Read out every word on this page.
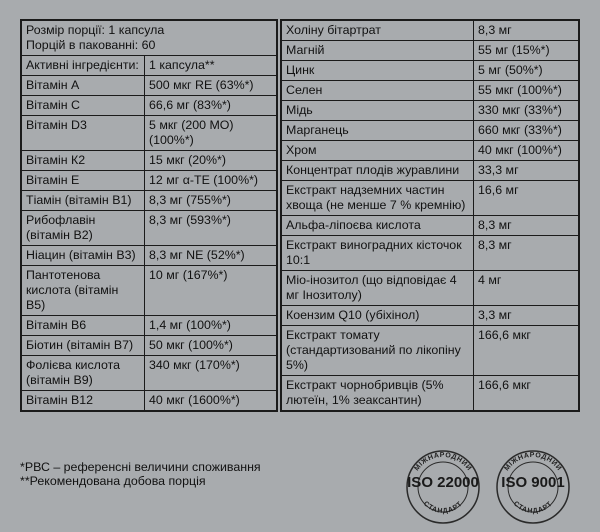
Розмір порції: 1 капсула
Порцій в пакованні: 60	

Активні інгредієнти:	1 капсула**
Вітамін А	500 мкг RE (63%*)
Вітамін С	66,6 мг (83%*)
Вітамін D3	5 мкг (200 МО) (100%*)
Вітамін К2	15 мкг (20%*)
Вітамін Е	12 мг α-TE (100%*)
Тіамін (вітамін В1)	8,3 мг (755%*)
Рибофлавін (вітамін В2)	8,3 мг (593%*)
Ніацин (вітамін В3)	8,3 мг NE (52%*)
Пантотенова кислота (вітамін В5)	10 мг (167%*)
Вітамін В6	1,4 мг (100%*)
Біотин (вітамін В7)	50 мкг (100%*)
Фолієва кислота (вітамін В9)	340 мкг (170%*)
Вітамін В12	40 мкг (1600%*)
Холіну бітартрат	8,3 мг
Магній	55 мг (15%*)
Цинк	5 мг (50%*)
Селен	55 мкг (100%*)
Мідь	330 мкг (33%*)
Марганець	660 мкг (33%*)
Хром	40 мкг (100%*)
Концентрат плодів журавлини	33,3 мг
Екстракт надземних частин хвоща (не менше 7 % кремнію)	16,6 мг
Альфа-ліпоєва кислота	8,3 мг
Екстракт виноградних кісточок 10:1	8,3 мг
Міо-інозитол (що відповідає 4 мг Інозитолу)	4 мг
Коензим Q10 (убіхінол)	3,3 мг
Екстракт томату (стандартизований по лікопіну 5%)	166,6 мкг
Екстракт чорнобривців (5% лютеїн, 1% зеаксантин)	166,6 мкг
*РВС – референсні величини споживання
**Рекомендована добова порція
МІЖНАРОДНИЙ
СТАНДАРТ
ISO 22000
МІЖНАРОДНИЙ
СТАНДАРТ
ISO 9001
